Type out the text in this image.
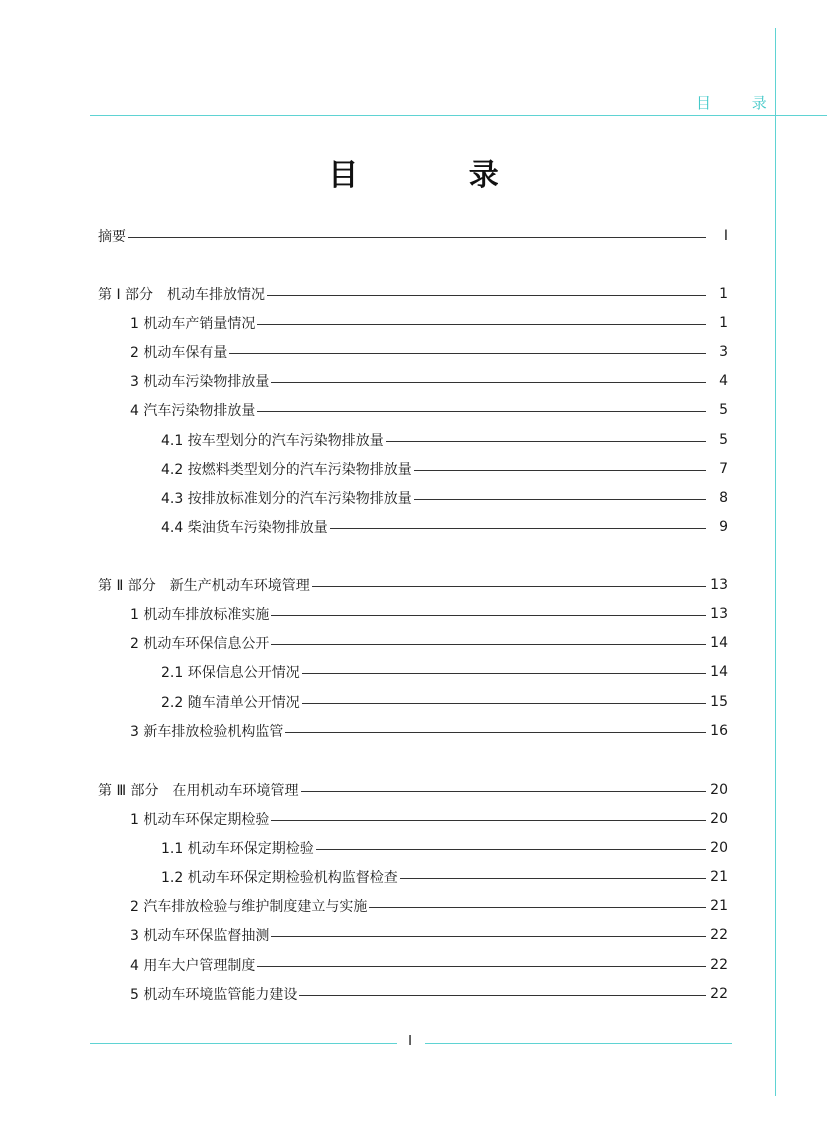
目 录
目 录
摘要	I
第 Ⅰ 部分　机动车排放情况	1
1 机动车产销量情况	1
2 机动车保有量	3
3 机动车污染物排放量	4
4 汽车污染物排放量	5
4.1 按车型划分的汽车污染物排放量	5
4.2 按燃料类型划分的汽车污染物排放量	7
4.3 按排放标准划分的汽车污染物排放量	8
4.4 柴油货车污染物排放量	9
第 Ⅱ 部分　新生产机动车环境管理	13
1 机动车排放标准实施	13
2 机动车环保信息公开	14
2.1 环保信息公开情况	14
2.2 随车清单公开情况	15
3 新车排放检验机构监管	16
第 Ⅲ 部分　在用机动车环境管理	20
1 机动车环保定期检验	20
1.1 机动车环保定期检验	20
1.2 机动车环保定期检验机构监督检查	21
2 汽车排放检验与维护制度建立与实施	21
3 机动车环保监督抽测	22
4 用车大户管理制度	22
5 机动车环境监管能力建设	22
I
